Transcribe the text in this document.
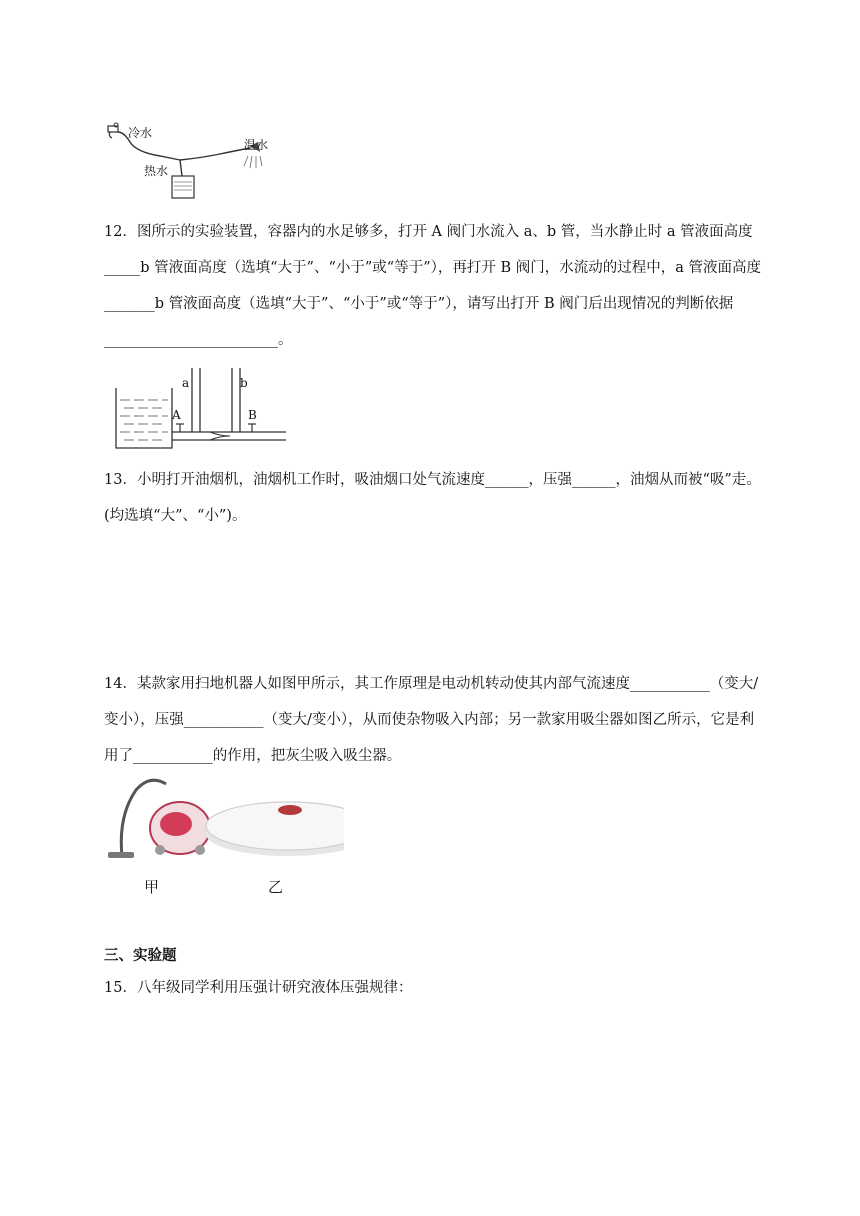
冷水
温水
热水

12．图所示的实验装置，容器内的水足够多，打开 A 阀门水流入 a、b 管，当水静止时 a 管液面高度_____b 管液面高度（选填“大于”、“小于”或“等于”），再打开 B 阀门，水流动的过程中，a 管液面高度_______b 管液面高度（选填“大于”、“小于”或“等于”），请写出打开 B 阀门后出现情况的判断依据________________________。

a	b
A	B

13．小明打开油烟机，油烟机工作时，吸油烟口处气流速度______，压强______，油烟从而被“吸”走。(均选填“大”、“小”)。

14．某款家用扫地机器人如图甲所示，其工作原理是电动机转动使其内部气流速度___________（变大/变小），压强___________（变大/变小），从而使杂物吸入内部；另一款家用吸尘器如图乙所示，它是利用了___________的作用，把灰尘吸入吸尘器。

甲	乙
三、实验题

15．八年级同学利用压强计研究液体压强规律：
